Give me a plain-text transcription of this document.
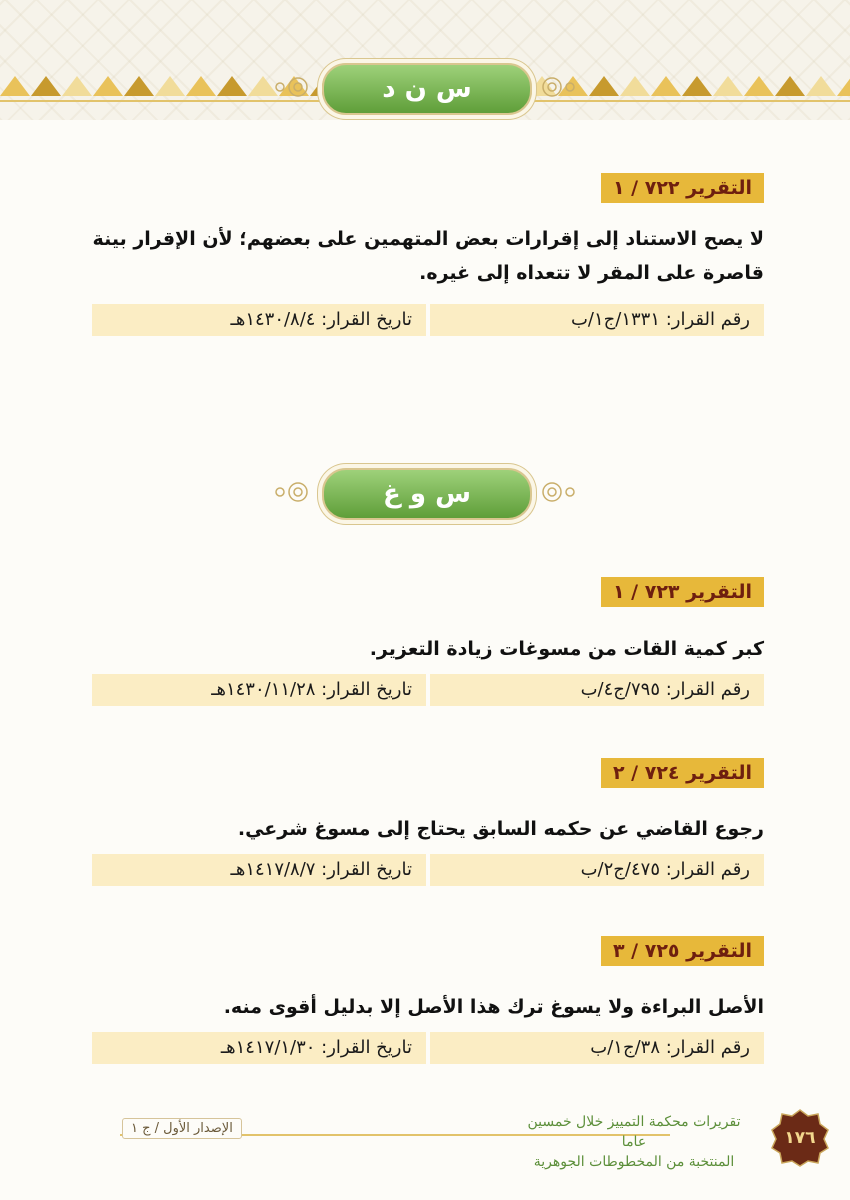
س ن د
التقرير ٧٢٢ / ١
لا يصح الاستناد إلى إقرارات بعض المتهمين على بعضهم؛ لأن الإقرار بينة قاصرة على المقر لا تتعداه إلى غيره.
رقم القرار: ١٣٣١/ج١/ب
تاريخ القرار: ١٤٣٠/٨/٤هـ
س و غ
التقرير ٧٢٣ / ١
كبر كمية القات من مسوغات زيادة التعزير.
رقم القرار: ٧٩٥/ج٤/ب
تاريخ القرار: ١٤٣٠/١١/٢٨هـ
التقرير ٧٢٤ / ٢
رجوع القاضي عن حكمه السابق يحتاج إلى مسوغ شرعي.
رقم القرار: ٤٧٥/ج٢/ب
تاريخ القرار: ١٤١٧/٨/٧هـ
التقرير ٧٢٥ / ٣
الأصل البراءة ولا يسوغ ترك هذا الأصل إلا بدليل أقوى منه.
رقم القرار: ٣٨/ج١/ب
تاريخ القرار: ١٤١٧/١/٣٠هـ
الإصدار الأول / ج ١	تقريرات محكمة التمييز خلال خمسين عاما
المنتخبة من المخطوطات الجوهرية
١٧٦
